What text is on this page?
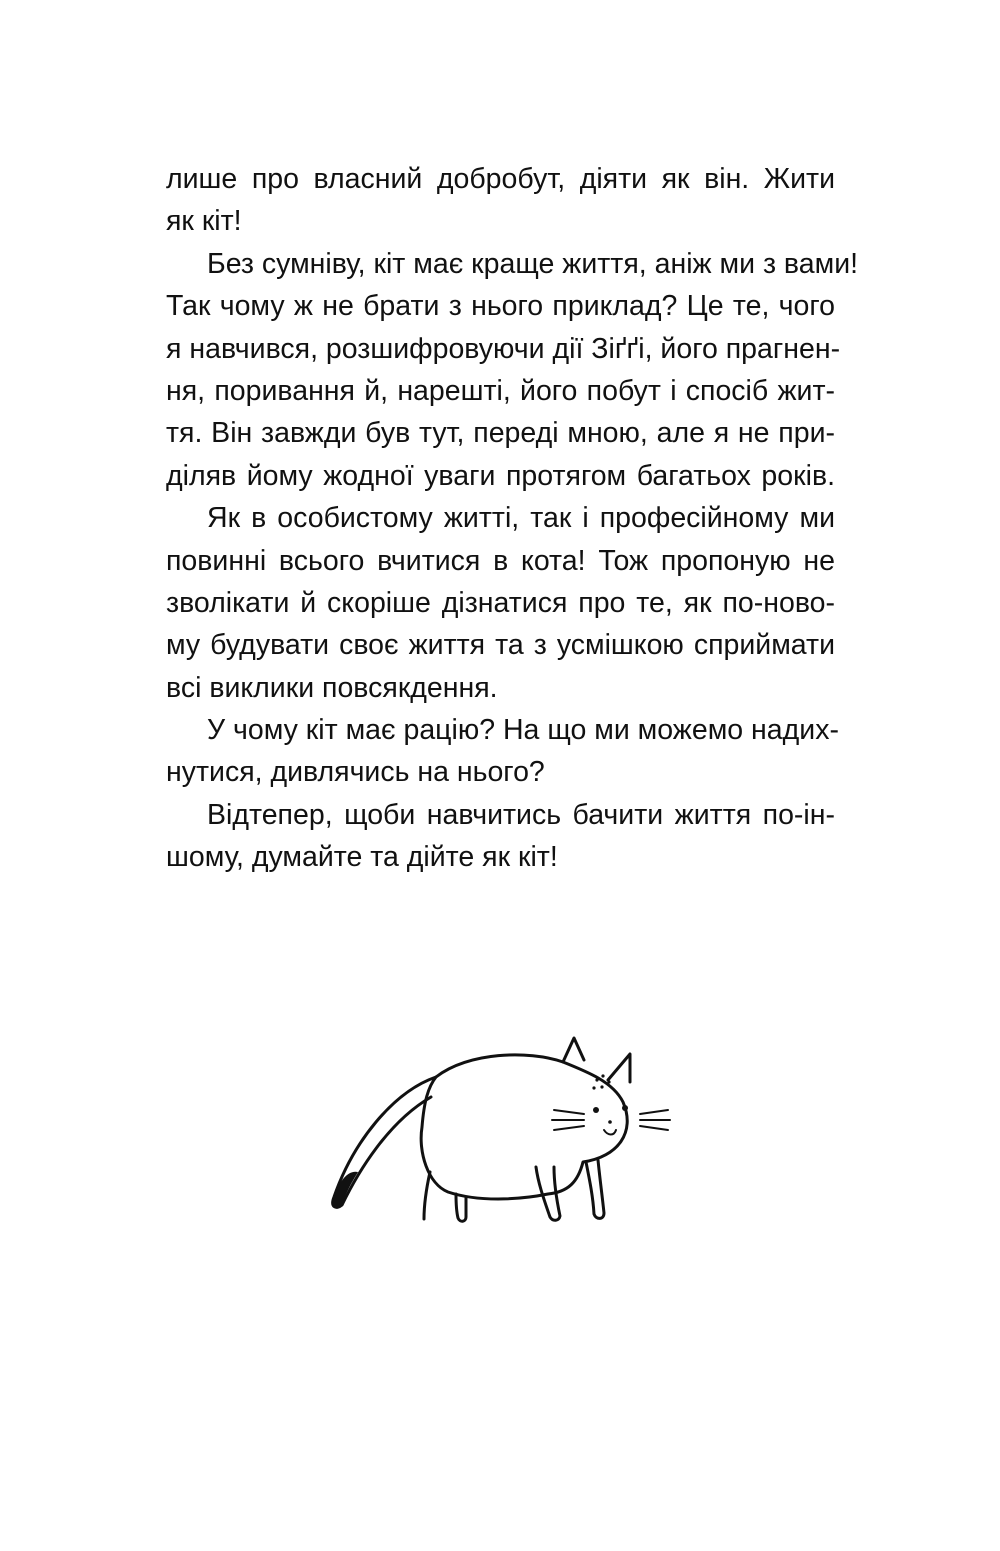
лише про власний добробут, діяти як він. Жити
як кіт!
Без сумніву, кіт має краще життя, аніж ми з вами!
Так чому ж не брати з нього приклад? Це те, чого
я навчився, розшифровуючи дії Зіґґі, його прагнен-
ня, поривання й, нарешті, його побут і спосіб жит-
тя. Він завжди був тут, переді мною, але я не при-
діляв йому жодної уваги протягом багатьох років.
Як в особистому житті, так і професійному ми
повинні всього вчитися в кота! Тож пропоную не
зволікати й скоріше дізнатися про те, як по-ново-
му будувати своє життя та з усмішкою сприймати
всі виклики повсякдення.
У чому кіт має рацію? На що ми можемо надих-
нутися, дивлячись на нього?
Відтепер, щоби навчитись бачити життя по-ін-
шому, думайте та дійте як кіт!
